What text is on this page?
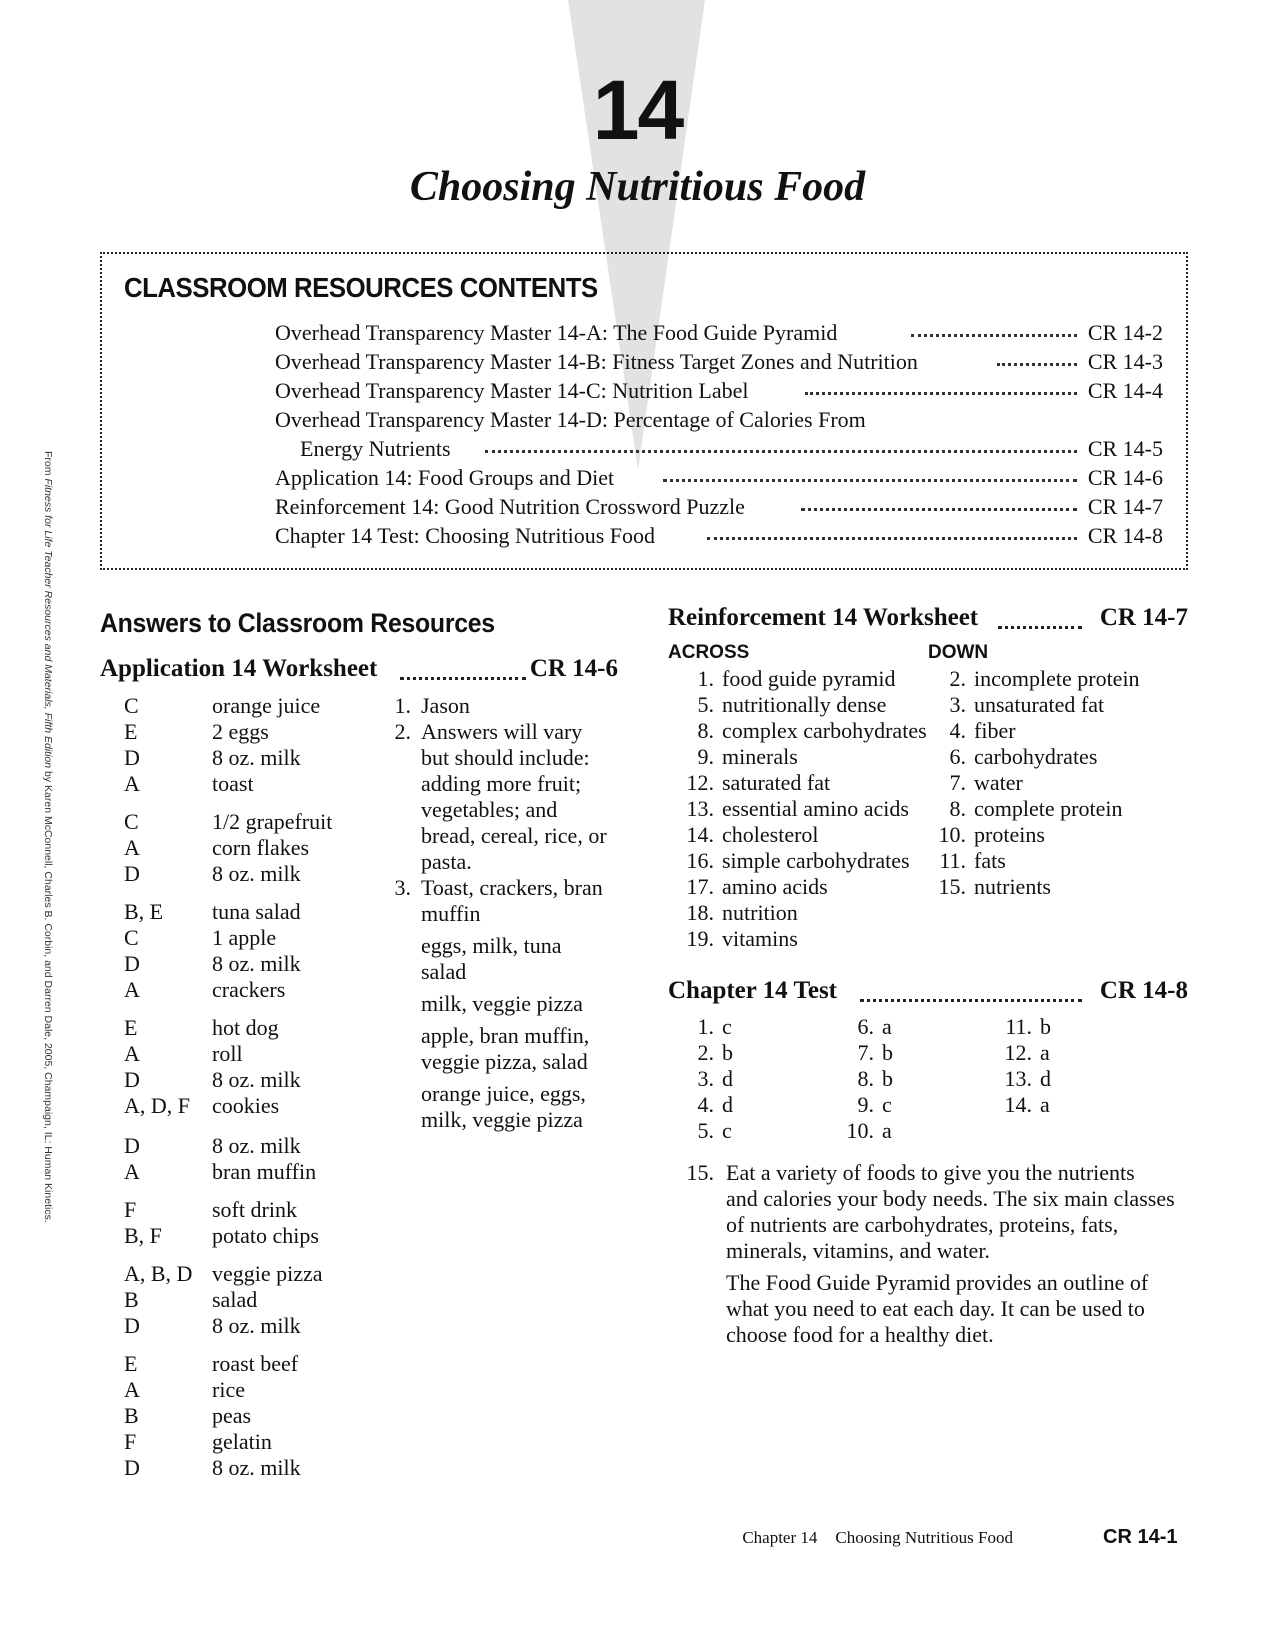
14
Choosing Nutritious Food
CLASSROOM RESOURCES CONTENTS
Overhead Transparency Master 14-A: The Food Guide Pyramid	CR 14-2
Overhead Transparency Master 14-B: Fitness Target Zones and Nutrition	CR 14-3
Overhead Transparency Master 14-C: Nutrition Label	CR 14-4
Overhead Transparency Master 14-D: Percentage of Calories From
Energy Nutrients	CR 14-5
Application 14: Food Groups and Diet	CR 14-6
Reinforcement 14: Good Nutrition Crossword Puzzle	CR 14-7
Chapter 14 Test: Choosing Nutritious Food	CR 14-8
From Fitness for Life Teacher Resources and Materials, Fifth Edition by Karen McConnell, Charles B. Corbin, and Darren Dale, 2005, Champaign, IL: Human Kinetics.
Answers to Classroom Resources
Application 14 Worksheet	CR 14-6
C	orange juice
E	2 eggs
D	8 oz. milk
A	toast
C	1/2 grapefruit
A	corn flakes
D	8 oz. milk
B, E tuna salad
C	1 apple
D	8 oz. milk
A	crackers
E	hot dog
A	roll
D	8 oz. milk
A, D, F cookies
D	8 oz. milk
A	bran muffin
F	soft drink
B, F potato chips
A, B, D veggie pizza
B	salad
D	8 oz. milk
E	roast beef
A	rice
B	peas
F	gelatin
D	8 oz. milk
1. Jason
2. Answers will vary
but should include:
adding more fruit;
vegetables; and
bread, cereal, rice, or
pasta.
3. Toast, crackers, bran
muffin
eggs, milk, tuna
salad
milk, veggie pizza
apple, bran muffin,
veggie pizza, salad
orange juice, eggs,
milk, veggie pizza
Reinforcement 14 Worksheet	CR 14-7
ACROSS	DOWN
1. food guide pyramid
5. nutritionally dense
8. complex carbohydrates
9. minerals
12. saturated fat
13. essential amino acids
14. cholesterol
16. simple carbohydrates
17. amino acids
18. nutrition
19. vitamins
2. incomplete protein
3. unsaturated fat
4. fiber
6. carbohydrates
7. water
8. complete protein
10. proteins
11. fats
15. nutrients
Chapter 14 Test	CR 14-8
1. c
2. b
3. d
4. d
5. c
6. a
7. b
8. b
9. c
10. a
11. b
12. a
13. d
14. a
15. Eat a variety of foods to give you the nutrients
and calories your body needs. The six main classes
of nutrients are carbohydrates, proteins, fats,
minerals, vitamins, and water.
The Food Guide Pyramid provides an outline of
what you need to eat each day. It can be used to
choose food for a healthy diet.
Chapter 14 Choosing Nutritious Food	CR 14-1
